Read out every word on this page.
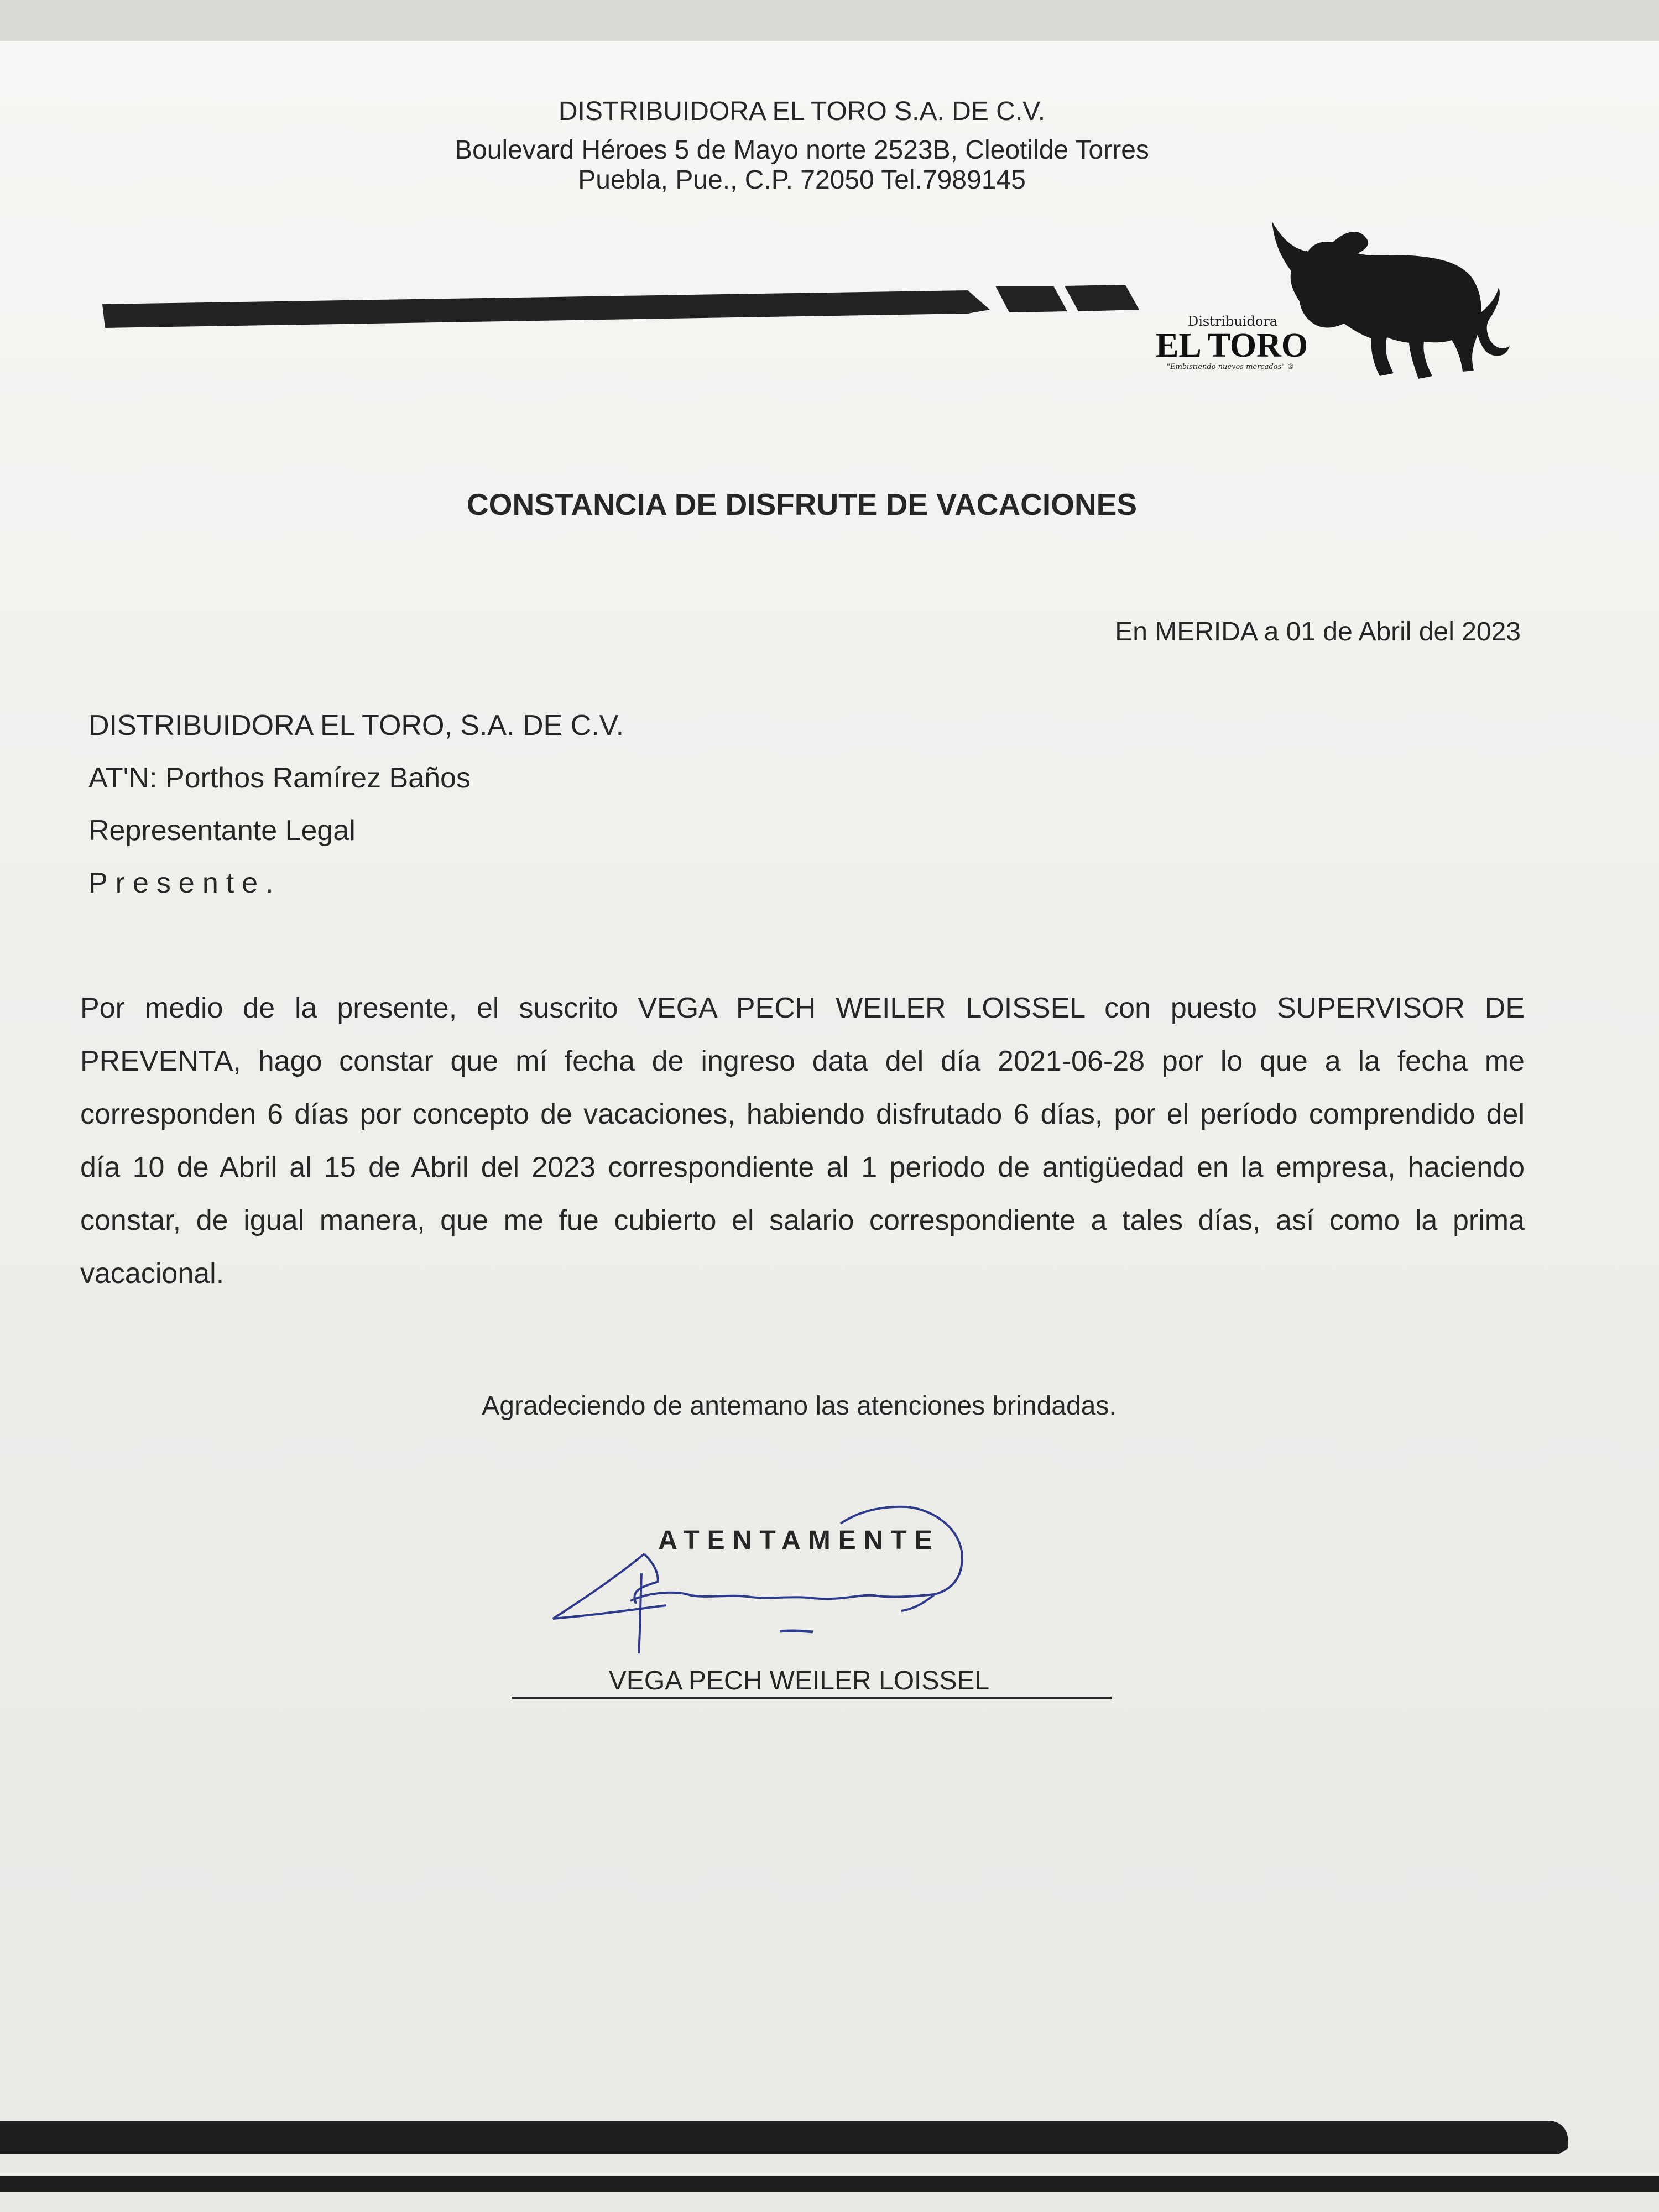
DISTRIBUIDORA EL TORO S.A. DE C.V.
Boulevard Héroes 5 de Mayo norte 2523B, Cleotilde Torres
Puebla, Pue., C.P. 72050 Tel.7989145
Distribuidora
EL TORO
"Embistiendo nuevos mercados" ®
CONSTANCIA DE DISFRUTE DE VACACIONES
En MERIDA a 01 de Abril del 2023
DISTRIBUIDORA EL TORO, S.A. DE C.V.
AT'N: Porthos Ramírez Baños
Representante Legal
Presente.
Por medio de la presente, el suscrito VEGA PECH WEILER LOISSEL con puesto SUPERVISOR DE PREVENTA, hago constar que mí fecha de ingreso data del día 2021-06-28 por lo que a la fecha me corresponden 6 días por concepto de vacaciones, habiendo disfrutado 6 días, por el período comprendido del día 10 de Abril al 15 de Abril del 2023 correspondiente al 1 periodo de antigüedad en la empresa, haciendo constar, de igual manera, que me fue cubierto el salario correspondiente a tales días, así como la prima vacacional.
Agradeciendo de antemano las atenciones brindadas.
ATENTAMENTE
VEGA PECH WEILER LOISSEL
